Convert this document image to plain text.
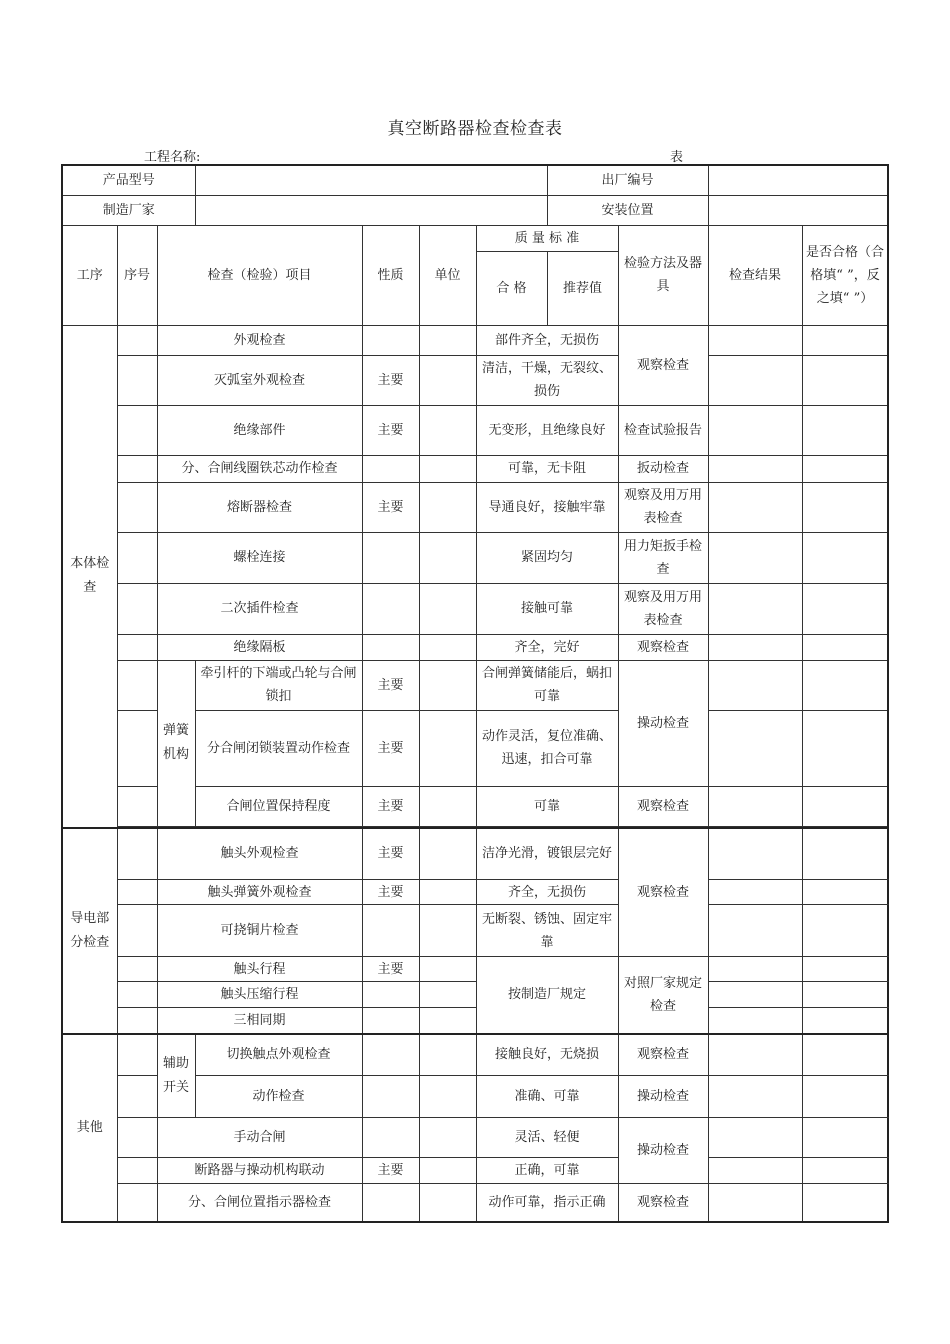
真空断路器检查检查表
工程名称:	表
产品型号							出厂编号			
制造厂家							安装位置			
工序	序号	检查（检验）项目		性质	单位	质 量 标 准		检验方法及器具	检查结果	是否合格（合格填“ ”，反之填“ ”）
						合 格	推荐值			
本体检查		外观检查				部件齐全，无损伤		观察检查		
		灭弧室外观检查		主要		清洁，干燥，无裂纹、损伤				
		绝缘部件		主要		无变形，且绝缘良好		检查试验报告		
		分、合闸线圈铁芯动作检查				可靠，无卡阻		扳动检查		
		熔断器检查		主要		导通良好，接触牢靠		观察及用万用表检查		
		螺栓连接				紧固均匀		用力矩扳手检查		
		二次插件检查				接触可靠		观察及用万用表检查		
		绝缘隔板				齐全，完好		观察检查		
		弹簧机构	牵引杆的下端或凸轮与合闸锁扣	主要		合闸弹簧储能后，蜗扣可靠		操动检查		
			分合闸闭锁装置动作检查	主要		动作灵活，复位准确、迅速，扣合可靠				
			合闸位置保持程度	主要		可靠		观察检查		

导电部分检查		触头外观检查		主要		洁净光滑，镀银层完好		观察检查		
		触头弹簧外观检查		主要		齐全，无损伤				
		可挠铜片检查				无断裂、锈蚀、固定牢靠				
		触头行程		主要		按制造厂规定		对照厂家规定检查		
		触头压缩行程								
		三相同期								
其他		辅助开关	切换触点外观检查			接触良好，无烧损		观察检查		
			动作检查			准确、可靠		操动检查		
		手动合闸				灵活、轻便		操动检查		
		断路器与操动机构联动		主要		正确，可靠				
		分、合闸位置指示器检查				动作可靠，指示正确		观察检查		
